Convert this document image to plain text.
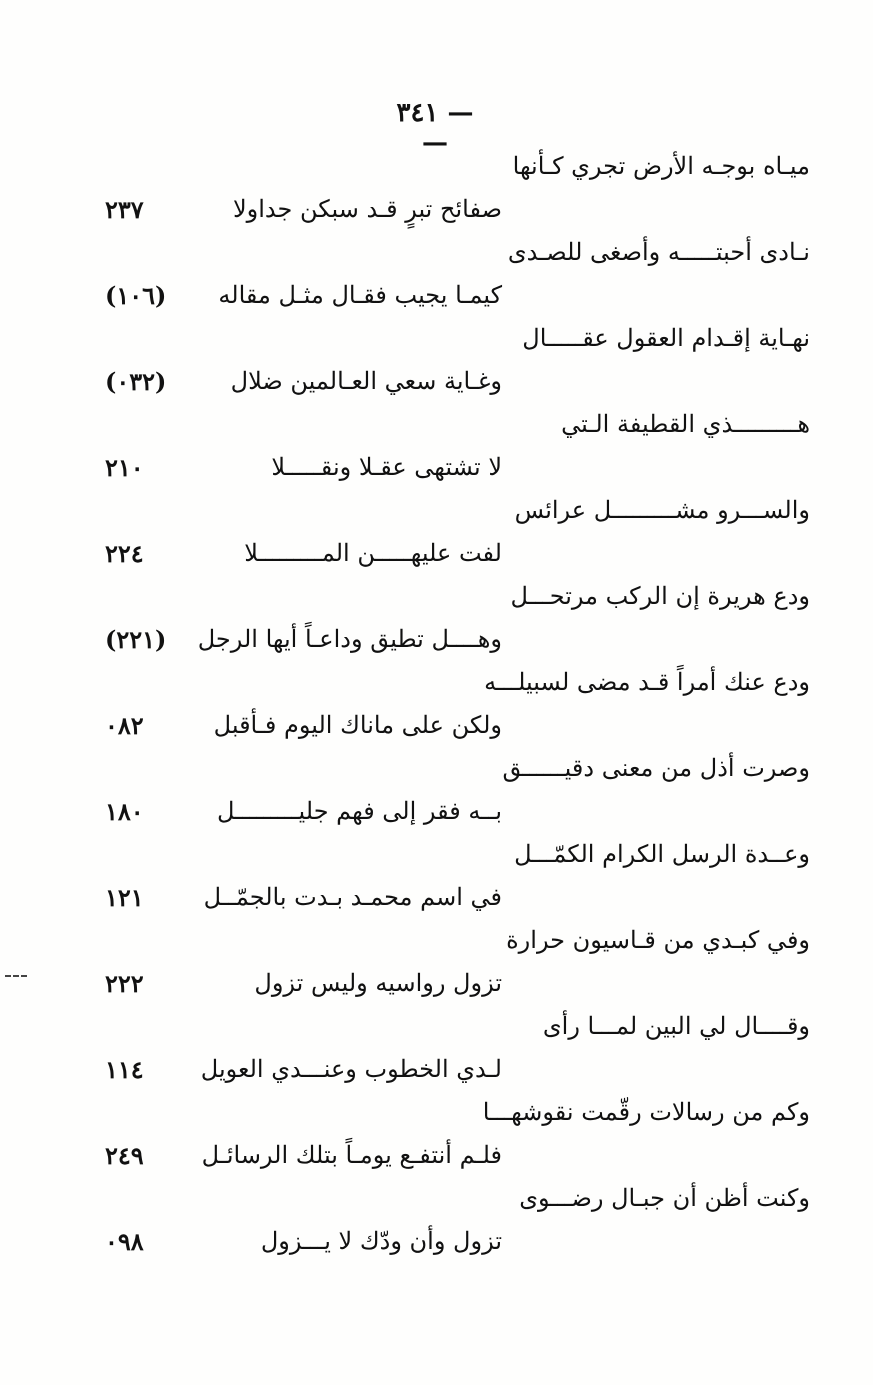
— ٣٤١ —
ميـاه بوجـه الأرض تجري كـأنها
صفائح تبرٍ قـد سبكن جداولا
٢٣٧
نـادى أحبتـــــه وأصغى للصـدى
كيمـا يجيب فقـال مثـل مقاله
(١٠٦)
نهـاية إقـدام العقول عقـــــال
وغـاية سعي العـالمين ضلال
(٠٣٢)
هـــــــــذي القطيفة الـتي
لا تشتهى عقـلا ونقـــــلا
٢١٠
والســـرو مشـــــــــل عرائس
لفت عليهـــــن المـــــــــلا
٢٢٤
ودع هريرة إن الركب مرتحـــل
وهــــل تطيق وداعـاً أيها الرجل
(٢٢١)
ودع عنك أمراً قـد مضى لسبيلـــه
ولكن على ماناك اليوم فـأقبل
٠٨٢
وصرت أذل من معنى دقيــــــق
بــه فقر إلى فهم جليـــــــــل
١٨٠
وعــدة الرسل الكرام الكمّـــل
في اسم محمـد بـدت بالجمّــل
١٢١
وفي كبـدي من قـاسيون حرارة
تزول رواسيه وليس تزول
٢٢٢
وقــــال لي البين لمـــا رأى
لـدي الخطوب وعنـــدي العويل
١١٤
وكم من رسالات رقّمت نقوشهـــا
فلـم أنتفـع يومـاً بتلك الرسائـل
٢٤٩
وكنت أظن أن جبـال رضـــوى
تزول وأن ودّك لا يـــزول
٠٩٨
